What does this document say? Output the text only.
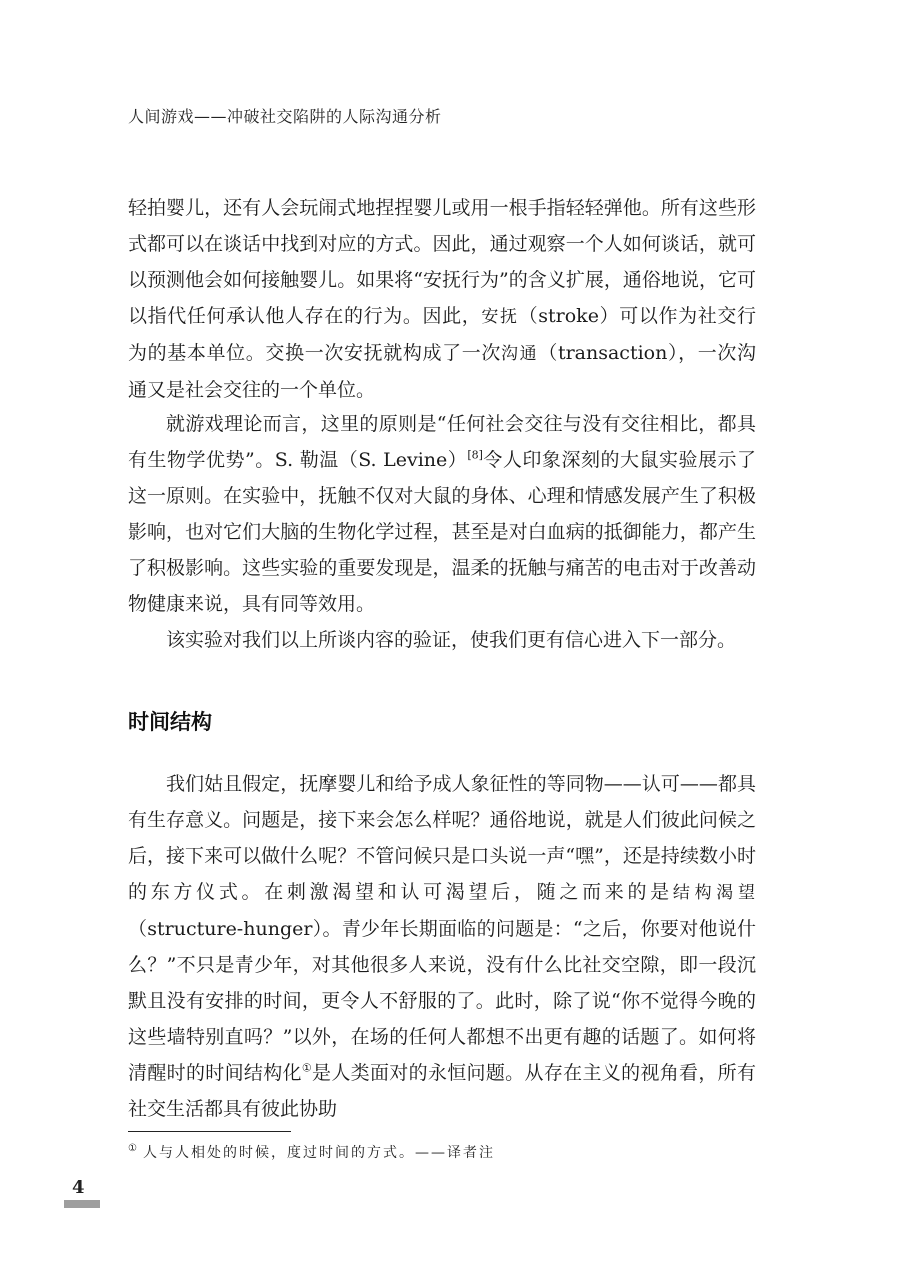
人间游戏——冲破社交陷阱的人际沟通分析

轻拍婴儿，还有人会玩闹式地捏捏婴儿或用一根手指轻轻弹他。所有这些形式都可以在谈话中找到对应的方式。因此，通过观察一个人如何谈话，就可以预测他会如何接触婴儿。如果将“安抚行为”的含义扩展，通俗地说，它可以指代任何承认他人存在的行为。因此，安抚（stroke）可以作为社交行为的基本单位。交换一次安抚就构成了一次沟通（transaction），一次沟通又是社会交往的一个单位。

就游戏理论而言，这里的原则是“任何社会交往与没有交往相比，都具有生物学优势”。S. 勒温（S. Levine）[8]令人印象深刻的大鼠实验展示了这一原则。在实验中，抚触不仅对大鼠的身体、心理和情感发展产生了积极影响，也对它们大脑的生物化学过程，甚至是对白血病的抵御能力，都产生了积极影响。这些实验的重要发现是，温柔的抚触与痛苦的电击对于改善动物健康来说，具有同等效用。

该实验对我们以上所谈内容的验证，使我们更有信心进入下一部分。

时间结构

我们姑且假定，抚摩婴儿和给予成人象征性的等同物——认可——都具有生存意义。问题是，接下来会怎么样呢？通俗地说，就是人们彼此问候之后，接下来可以做什么呢？不管问候只是口头说一声“嘿”，还是持续数小时的东方仪式。在刺激渴望和认可渴望后，随之而来的是结构渴望（structure-hunger）。青少年长期面临的问题是：“之后，你要对他说什么？”不只是青少年，对其他很多人来说，没有什么比社交空隙，即一段沉默且没有安排的时间，更令人不舒服的了。此时，除了说“你不觉得今晚的这些墙特别直吗？”以外，在场的任何人都想不出更有趣的话题了。如何将清醒时的时间结构化①是人类面对的永恒问题。从存在主义的视角看，所有社交生活都具有彼此协助

① 人与人相处的时候，度过时间的方式。——译者注
4
